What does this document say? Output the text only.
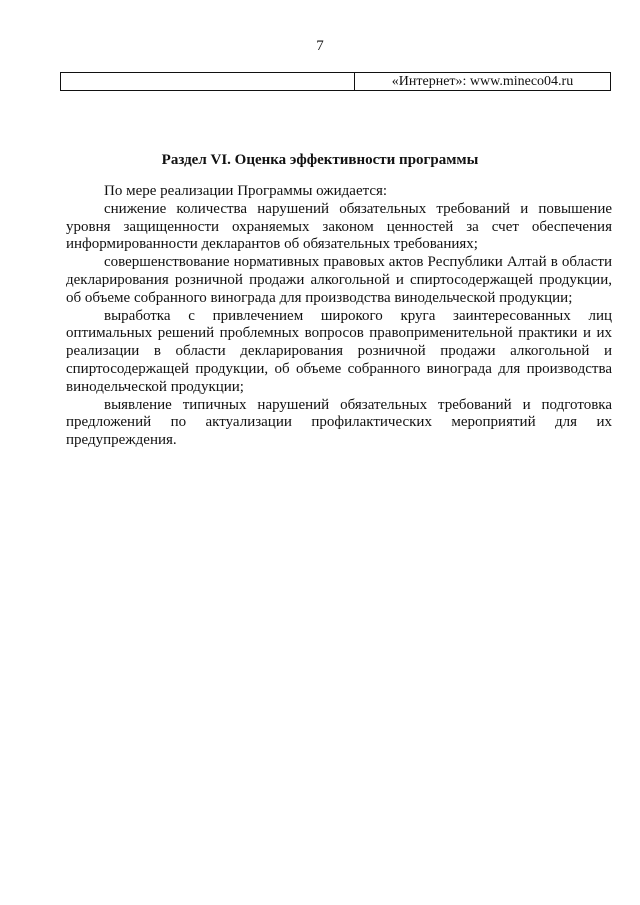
7
	«Интернет»: www.mineco04.ru
Раздел VI. Оценка эффективности программы

По мере реализации Программы ожидается:

снижение количества нарушений обязательных требований и повышение уровня защищенности охраняемых законом ценностей за счет обеспечения информированности декларантов об обязательных требованиях;

совершенствование нормативных правовых актов Республики Алтай в области декларирования розничной продажи алкогольной и спиртосодержащей продукции, об объеме собранного винограда для производства винодельческой продукции;

выработка с привлечением широкого круга заинтересованных лиц оптимальных решений проблемных вопросов правоприменительной практики и их реализации в области декларирования розничной продажи алкогольной и спиртосодержащей продукции, об объеме собранного винограда для производства винодельческой продукции;

выявление типичных нарушений обязательных требований и подготовка предложений по актуализации профилактических мероприятий для их предупреждения.
